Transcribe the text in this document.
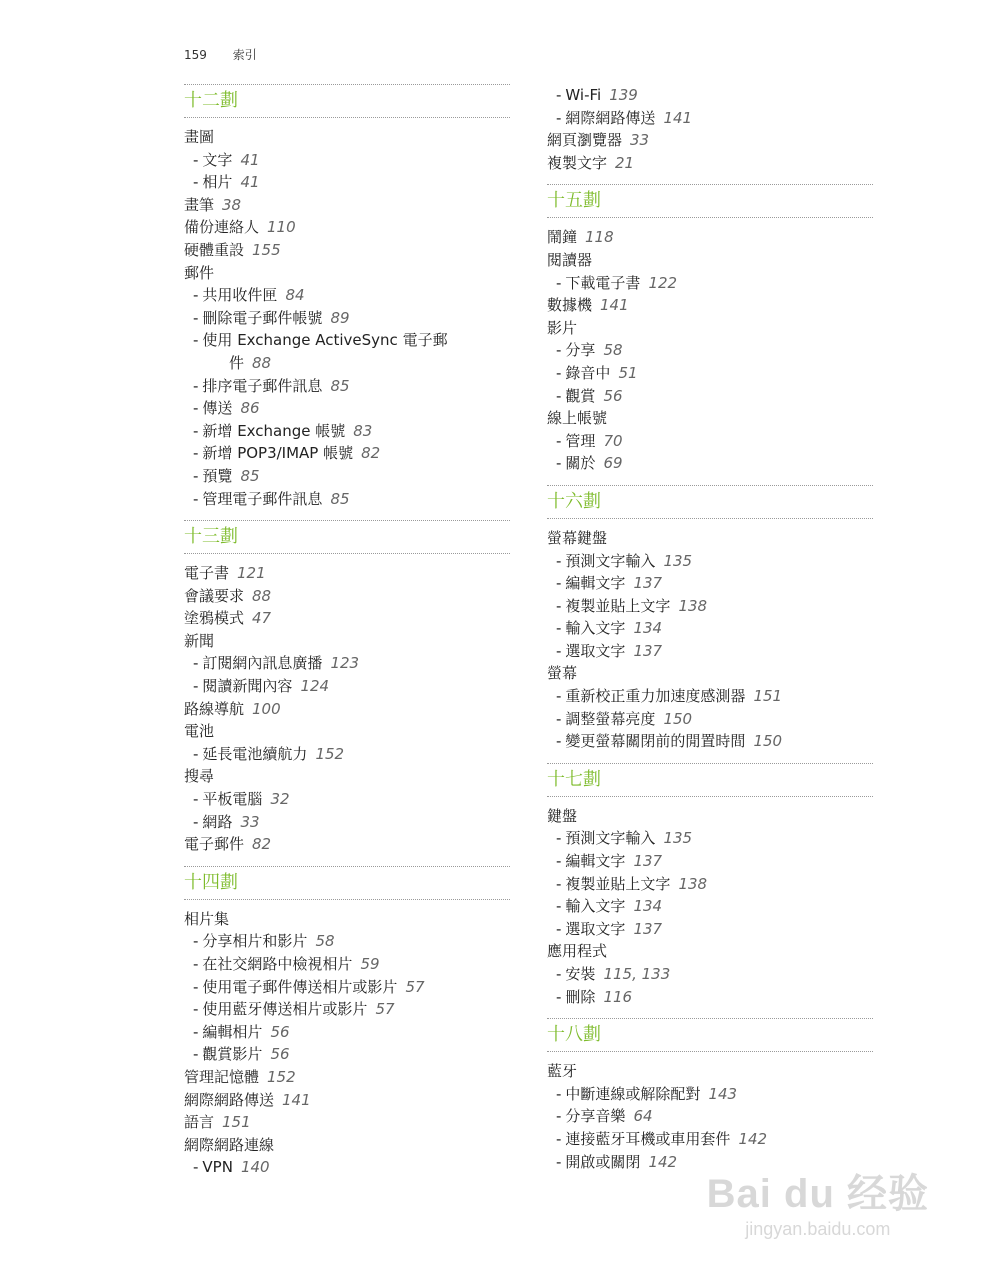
159 索引
十二劃
畫圖
- 文字 41
- 相片 41
畫筆 38
備份連絡人 110
硬體重設 155
郵件
- 共用收件匣 84
- 刪除電子郵件帳號 89
- 使用 Exchange ActiveSync 電子郵
件 88
- 排序電子郵件訊息 85
- 傳送 86
- 新增 Exchange 帳號 83
- 新增 POP3/IMAP 帳號 82
- 預覽 85
- 管理電子郵件訊息 85
十三劃
電子書 121
會議要求 88
塗鴉模式 47
新聞
- 訂閱網內訊息廣播 123
- 閱讀新聞內容 124
路線導航 100
電池
- 延長電池續航力 152
搜尋
- 平板電腦 32
- 網路 33
電子郵件 82
十四劃
相片集
- 分享相片和影片 58
- 在社交網路中檢視相片 59
- 使用電子郵件傳送相片或影片 57
- 使用藍牙傳送相片或影片 57
- 編輯相片 56
- 觀賞影片 56
管理記憶體 152
網際網路傳送 141
語言 151
網際網路連線
- VPN 140
- Wi-Fi 139
- 網際網路傳送 141
網頁瀏覽器 33
複製文字 21
十五劃
鬧鐘 118
閱讀器
- 下載電子書 122
數據機 141
影片
- 分享 58
- 錄音中 51
- 觀賞 56
線上帳號
- 管理 70
- 關於 69
十六劃
螢幕鍵盤
- 預測文字輸入 135
- 編輯文字 137
- 複製並貼上文字 138
- 輸入文字 134
- 選取文字 137
螢幕
- 重新校正重力加速度感測器 151
- 調整螢幕亮度 150
- 變更螢幕關閉前的閒置時間 150
十七劃
鍵盤
- 預測文字輸入 135
- 編輯文字 137
- 複製並貼上文字 138
- 輸入文字 134
- 選取文字 137
應用程式
- 安裝 115, 133
- 刪除 116
十八劃
藍牙
- 中斷連線或解除配對 143
- 分享音樂 64
- 連接藍牙耳機或車用套件 142
- 開啟或關閉 142
Bai du 经验
jingyan.baidu.com
